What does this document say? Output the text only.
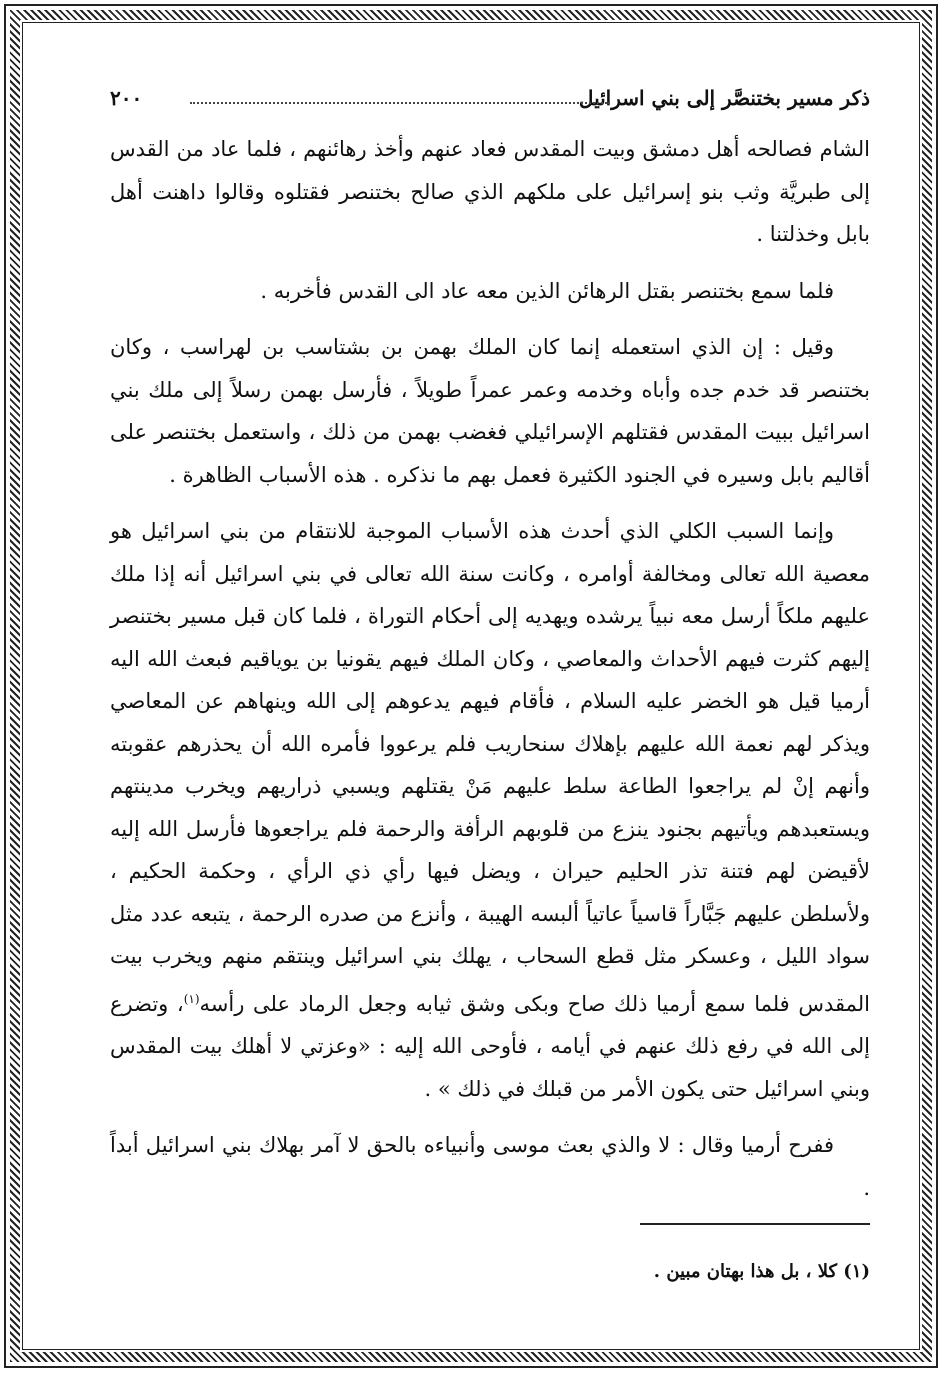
ذكر مسير بختنصَّر إلى بني اسرائيل
٢٠٠

الشام فصالحه أهل دمشق وبيت المقدس فعاد عنهم وأخذ رهائنهم ، فلما عاد من القدس إلى طبريَّة وثب بنو إسرائيل على ملكهم الذي صالح بختنصر فقتلوه وقالوا داهنت أهل بابل وخذلتنا .

فلما سمع بختنصر بقتل الرهائن الذين معه عاد الى القدس فأخربه .

وقيل : إن الذي استعمله إنما كان الملك بهمن بن بشتاسب بن لهراسب ، وكان بختنصر قد خدم جده وأباه وخدمه وعمر عمراً طويلاً ، فأرسل بهمن رسلاً إلى ملك بني اسرائيل ببيت المقدس فقتلهم الإسرائيلي فغضب بهمن من ذلك ، واستعمل بختنصر على أقاليم بابل وسيره في الجنود الكثيرة فعمل بهم ما نذكره . هذه الأسباب الظاهرة .

وإنما السبب الكلي الذي أحدث هذه الأسباب الموجبة للانتقام من بني اسرائيل هو معصية الله تعالى ومخالفة أوامره ، وكانت سنة الله تعالى في بني اسرائيل أنه إذا ملك عليهم ملكاً أرسل معه نبياً يرشده ويهديه إلى أحكام التوراة ، فلما كان قبل مسير بختنصر إليهم كثرت فيهم الأحداث والمعاصي ، وكان الملك فيهم يقونيا بن يوياقيم فبعث الله اليه أرميا قيل هو الخضر عليه السلام ، فأقام فيهم يدعوهم إلى الله وينهاهم عن المعاصي ويذكر لهم نعمة الله عليهم بإهلاك سنحاريب فلم يرعووا فأمره الله أن يحذرهم عقوبته وأنهم إنْ لم يراجعوا الطاعة سلط عليهم مَنْ يقتلهم ويسبي ذراريهم ويخرب مدينتهم ويستعبدهم ويأتيهم بجنود ينزع من قلوبهم الرأفة والرحمة فلم يراجعوها فأرسل الله إليه لأقيضن لهم فتنة تذر الحليم حيران ، ويضل فيها رأي ذي الرأي ، وحكمة الحكيم ، ولأسلطن عليهم جَبَّاراً قاسياً عاتياً ألبسه الهيبة ، وأنزع من صدره الرحمة ، يتبعه عدد مثل سواد الليل ، وعسكر مثل قطع السحاب ، يهلك بني اسرائيل وينتقم منهم ويخرب بيت المقدس فلما سمع أرميا ذلك صاح وبكى وشق ثيابه وجعل الرماد على رأسه$^{(١)}$، وتضرع إلى الله في رفع ذلك عنهم في أيامه ، فأوحى الله إليه : «وعزتي لا أهلك بيت المقدس وبني اسرائيل حتى يكون الأمر من قبلك في ذلك » .

ففرح أرميا وقال : لا والذي بعث موسى وأنبياءه بالحق لا آمر بهلاك بني اسرائيل أبداً .

(١) كلا ، بل هذا بهتان مبين .
